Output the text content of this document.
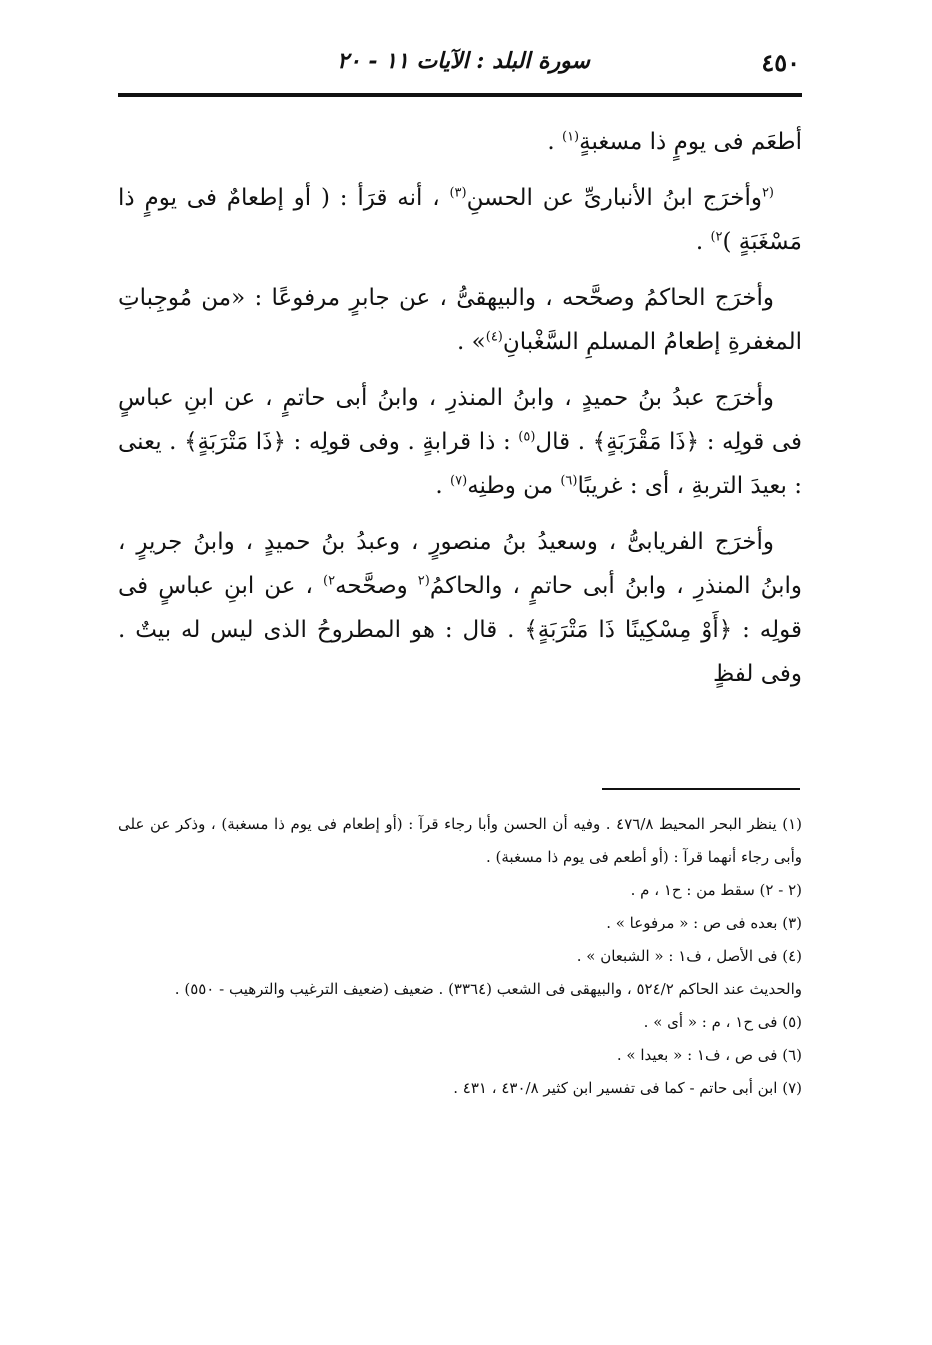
٤٥٠
سورة البلد : الآيات ١١ - ٢٠

أطعَم فى يومٍ ذا مسغبةٍ$^{(١)}$ .

$^{(٢}$وأخرَج ابنُ الأنبارىِّ عن الحسنِ$^{(٣)}$ ، أنه قرَأ : ( أو إطعامٌ فى يومٍ ذا مَسْغَبَةٍ )$^{٢)}$ .

وأخرَج الحاكمُ وصحَّحه ، والبيهقىُّ ، عن جابرٍ مرفوعًا : «من مُوجِباتِ المغفرةِ إطعامُ المسلمِ السَّغْبانِ$^{(٤)}$» .

وأخرَج عبدُ بنُ حميدٍ ، وابنُ المنذرِ ، وابنُ أبى حاتمٍ ، عن ابنِ عباسٍ فى قولِه : ﴿ذَا مَقْرَبَةٍ﴾ . قال$^{(٥)}$ : ذا قرابةٍ . وفى قولِه : ﴿ذَا مَتْرَبَةٍ﴾ . يعنى : بعيدَ التربةِ ، أى : غريبًا$^{(٦)}$ من وطنِه$^{(٧)}$ .

وأخرَج الفريابىُّ ، وسعيدُ بنُ منصورٍ ، وعبدُ بنُ حميدٍ ، وابنُ جريرٍ ، وابنُ المنذرِ ، وابنُ أبى حاتمٍ ، والحاكمُ$^{(٢}$ وصحَّحه$^{٢)}$ ، عن ابنِ عباسٍ فى قولِه : ﴿أَوْ مِسْكِينًا ذَا مَتْرَبَةٍ﴾ . قال : هو المطروحُ الذى ليس له بيتٌ . وفى لفظٍ

(١) ينظر البحر المحيط ٤٧٦/٨ . وفيه أن الحسن وأبا رجاء قرآ : (أو إطعام فى يوم ذا مسغبة) ، وذكر عن على وأبى رجاء أنهما قرآ : (أو أطعم فى يوم ذا مسغبة) .

(٢ - ٢) سقط من : ح١ ، م .

(٣) بعده فى ص : « مرفوعا » .

(٤) فى الأصل ، ف١ : « الشبعان » .

والحديث عند الحاكم ٥٢٤/٢ ، والبيهقى فى الشعب (٣٣٦٤) . ضعيف (ضعيف الترغيب والترهيب - ٥٥٠) .

(٥) فى ح١ ، م : « أى » .

(٦) فى ص ، ف١ : « بعيدا » .

(٧) ابن أبى حاتم - كما فى تفسير ابن كثير ٤٣٠/٨ ، ٤٣١ .
